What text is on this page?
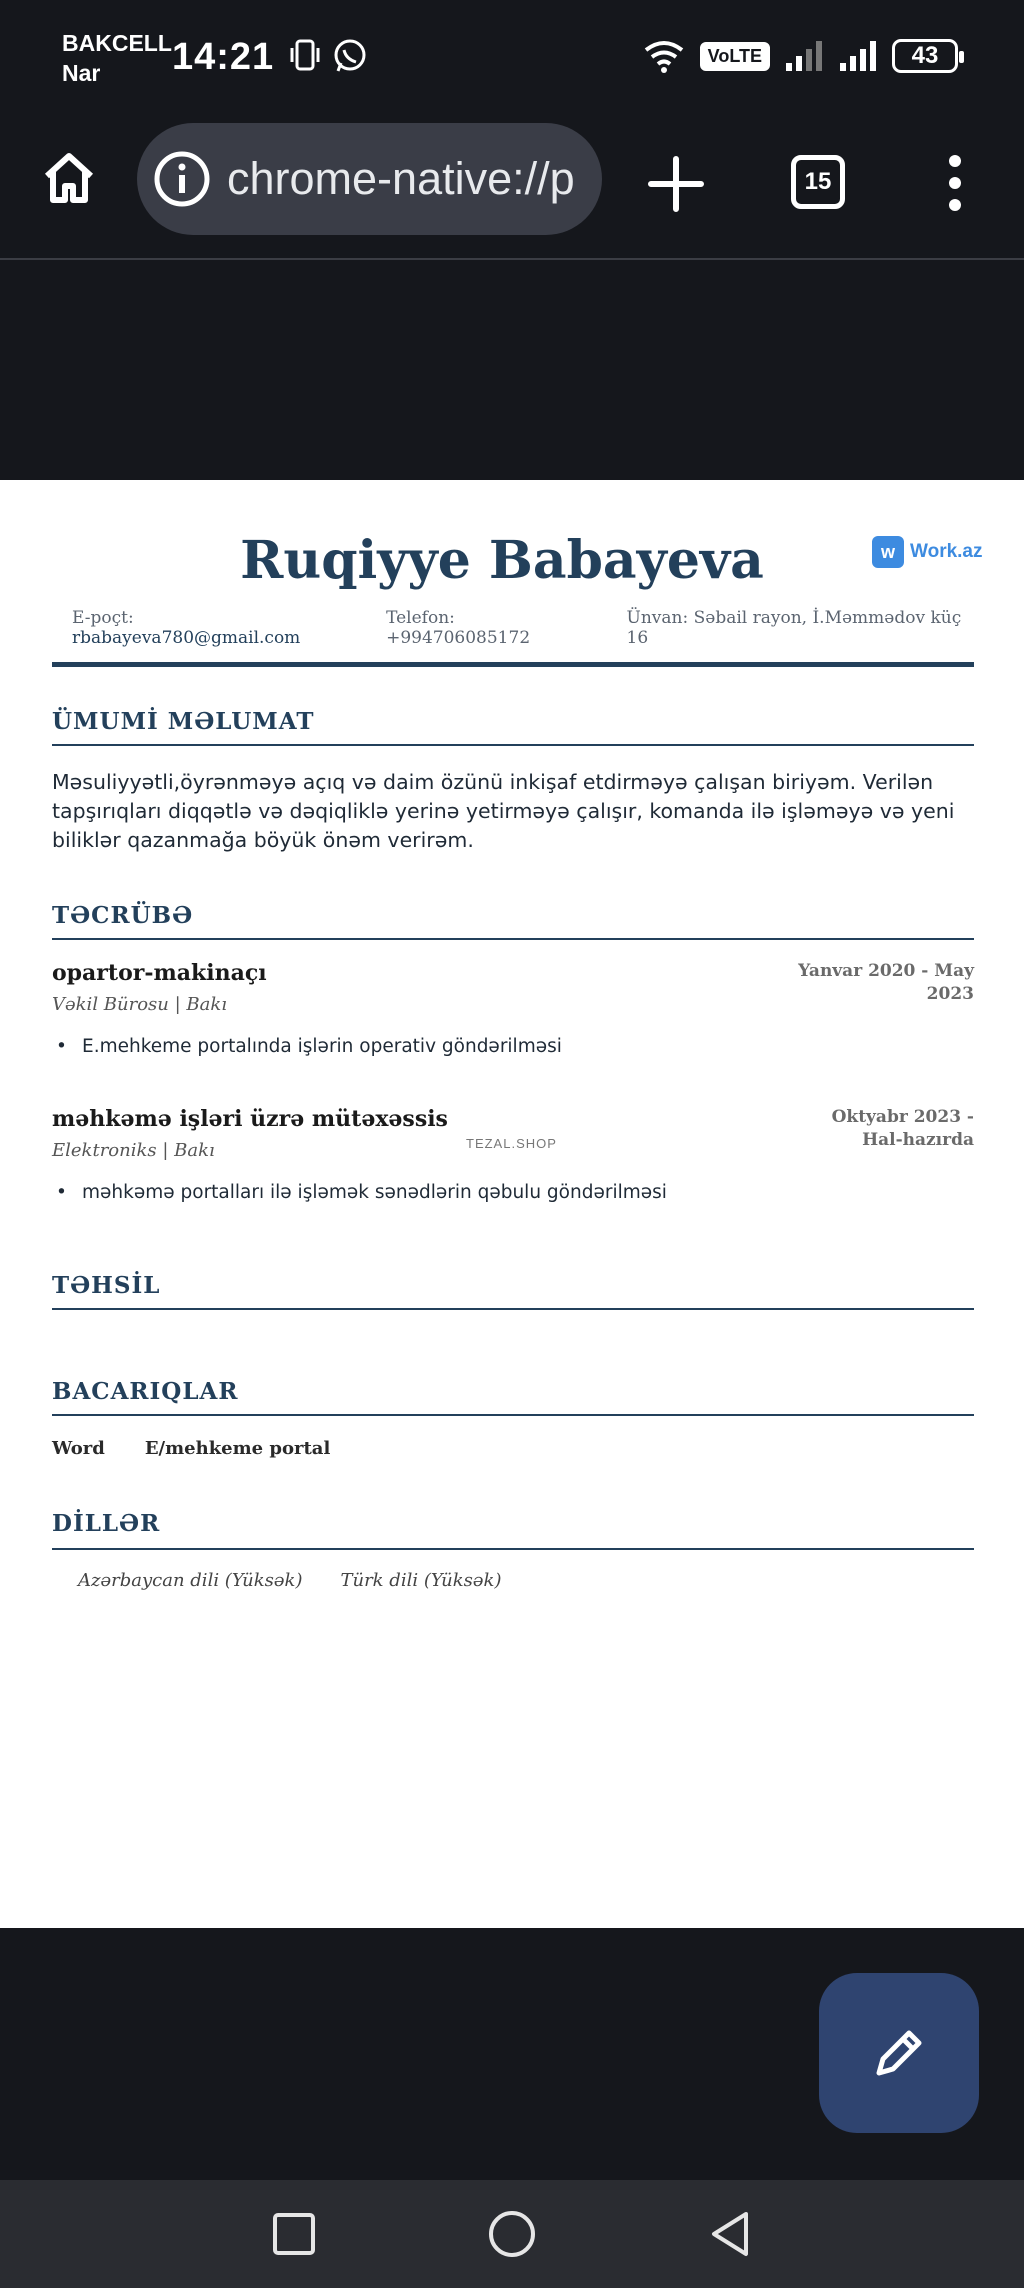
BAKCELL
Nar	14:21	VoLTE	43
chrome-native://p	15
Ruqiyye Babayeva	w Work.az
E-poçt: rbabayeva780@gmail.com
Telefon: +994706085172
Ünvan: Səbail rayon, İ.Məmmədov küç 16
ÜMUMİ MƏLUMAT
Məsuliyyətli,öyrənməyə açıq və daim özünü inkişaf etdirməyə çalışan biriyəm. Verilən tapşırıqları diqqətlə və dəqiqliklə yerinə yetirməyə çalışır, komanda ilə işləməyə və yeni biliklər qazanmağa böyük önəm verirəm.
TƏCRÜBƏ
opartor-makinaçı
Vəkil Bürosu | Bakı
Yanvar 2020 - May 2023
• E.mehkeme portalında işlərin operativ göndərilməsi
məhkəmə işləri üzrə mütəxəssis
Elektroniks | Bakı
Oktyabr 2023 - Hal-hazırda
• məhkəmə portalları ilə işləmək sənədlərin qəbulu göndərilməsi
TEZAL.SHOP
TƏHSİL
BACARIQLAR
Word E/mehkeme portal
DİLLƏR
Azərbaycan dili (Yüksək) Türk dili (Yüksək)
